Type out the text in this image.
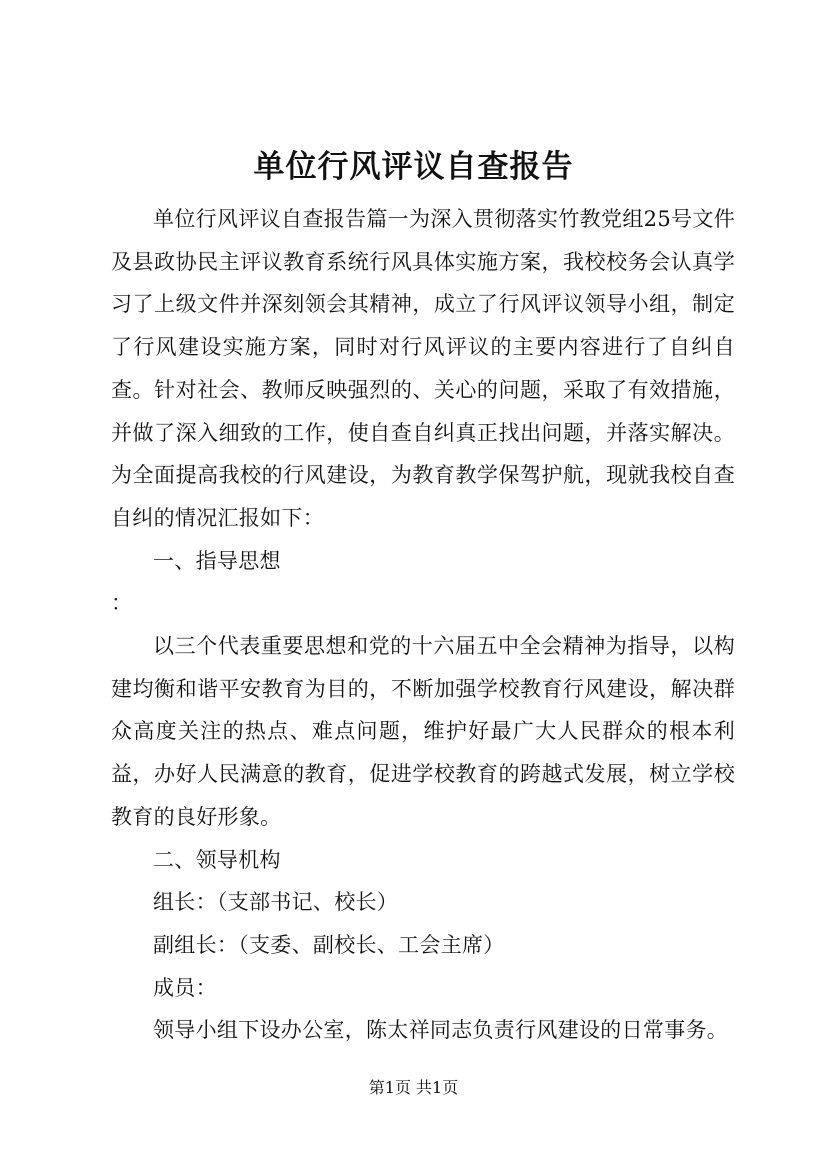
单位行风评议自查报告

单位行风评议自查报告篇一为深入贯彻落实竹教党组25号文件及县政协民主评议教育系统行风具体实施方案，我校校务会认真学习了上级文件并深刻领会其精神，成立了行风评议领导小组，制定了行风建设实施方案，同时对行风评议的主要内容进行了自纠自查。针对社会、教师反映强烈的、关心的问题，采取了有效措施，并做了深入细致的工作，使自查自纠真正找出问题，并落实解决。为全面提高我校的行风建设，为教育教学保驾护航，现就我校自查自纠的情况汇报如下：

一、指导思想

：

以三个代表重要思想和党的十六届五中全会精神为指导，以构建均衡和谐平安教育为目的，不断加强学校教育行风建设，解决群众高度关注的热点、难点问题，维护好最广大人民群众的根本利益，办好人民满意的教育，促进学校教育的跨越式发展，树立学校教育的良好形象。

二、领导机构

组长：（支部书记、校长）

副组长：（支委、副校长、工会主席）

成员：

领导小组下设办公室，陈太祥同志负责行风建设的日常事务。

第1页 共1页
